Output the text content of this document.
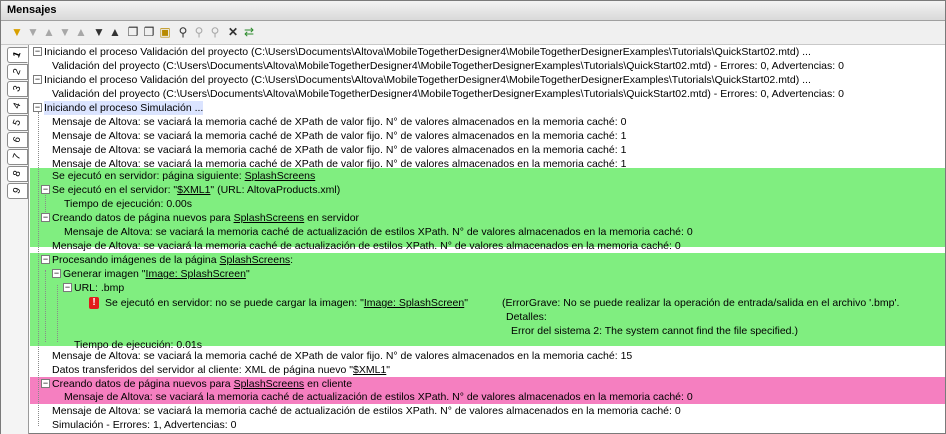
Mensajes
▼ ▼ ▲ ▼ ▲ ▼ ▲ ❐ ❐ ▣ ⚲ ⚲ ⚲ ✕ ⇄
1
2
3
4
5
6
7
8
9
− Iniciando el proceso Validación del proyecto (C:\Users\Documents\Altova\MobileTogetherDesigner4\MobileTogetherDesignerExamples\Tutorials\QuickStart02.mtd) ...
Validación del proyecto (C:\Users\Documents\Altova\MobileTogetherDesigner4\MobileTogetherDesignerExamples\Tutorials\QuickStart02.mtd) - Errores: 0, Advertencias: 0
− Iniciando el proceso Validación del proyecto (C:\Users\Documents\Altova\MobileTogetherDesigner4\MobileTogetherDesignerExamples\Tutorials\QuickStart02.mtd) ...
Validación del proyecto (C:\Users\Documents\Altova\MobileTogetherDesigner4\MobileTogetherDesignerExamples\Tutorials\QuickStart02.mtd) - Errores: 0, Advertencias: 0
− Iniciando el proceso Simulación ...
Mensaje de Altova: se vaciará la memoria caché de XPath de valor fijo. N° de valores almacenados en la memoria caché: 0
Mensaje de Altova: se vaciará la memoria caché de XPath de valor fijo. N° de valores almacenados en la memoria caché: 1
Mensaje de Altova: se vaciará la memoria caché de XPath de valor fijo. N° de valores almacenados en la memoria caché: 1
Mensaje de Altova: se vaciará la memoria caché de XPath de valor fijo. N° de valores almacenados en la memoria caché: 1
Se ejecutó en servidor: página siguiente: SplashScreens
− Se ejecutó en el servidor: "$XML1" (URL: AltovaProducts.xml)
Tiempo de ejecución: 0.00s
− Creando datos de página nuevos para SplashScreens en servidor
Mensaje de Altova: se vaciará la memoria caché de actualización de estilos XPath. N° de valores almacenados en la memoria caché: 0
Mensaje de Altova: se vaciará la memoria caché de actualización de estilos XPath. N° de valores almacenados en la memoria caché: 0
− Procesando imágenes de la página SplashScreens:
− Generar imagen "Image: SplashScreen"
− URL: .bmp
! Se ejecutó en servidor: no se puede cargar la imagen: "Image: SplashScreen"	(ErrorGrave: No se puede realizar la operación de entrada/salida en el archivo '.bmp'.
Detalles:
Error del sistema 2: The system cannot find the file specified.)
Tiempo de ejecución: 0.01s
Mensaje de Altova: se vaciará la memoria caché de XPath de valor fijo. N° de valores almacenados en la memoria caché: 15
Datos transferidos del servidor al cliente: XML de página nuevo "$XML1"
− Creando datos de página nuevos para SplashScreens en cliente
Mensaje de Altova: se vaciará la memoria caché de actualización de estilos XPath. N° de valores almacenados en la memoria caché: 0
Mensaje de Altova: se vaciará la memoria caché de actualización de estilos XPath. N° de valores almacenados en la memoria caché: 0
Simulación - Errores: 1, Advertencias: 0
